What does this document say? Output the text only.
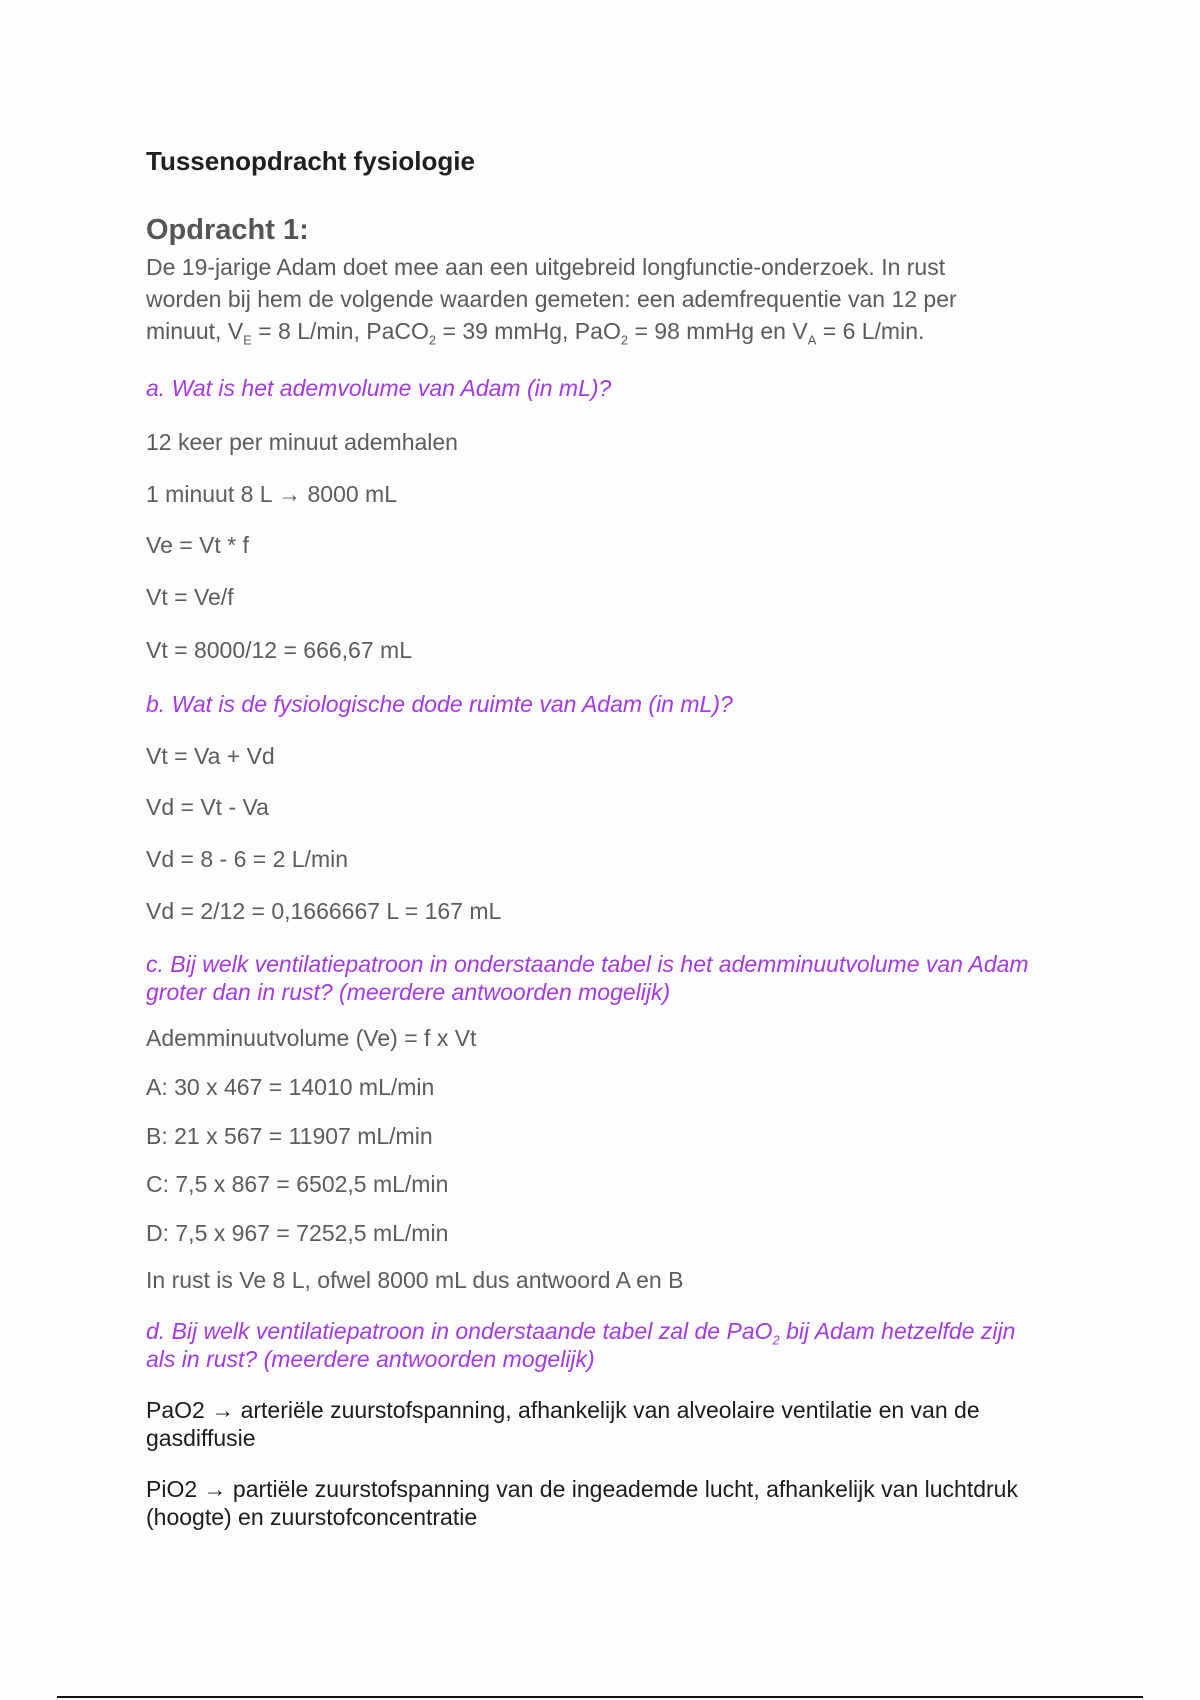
Tussenopdracht fysiologie
Opdracht 1:

De 19-jarige Adam doet mee aan een uitgebreid longfunctie-onderzoek. In rust worden bij hem de volgende waarden gemeten: een ademfrequentie van 12 per minuut, $V_E = 8$ L/min, PaCO$_2$ = 39 mmHg, PaO$_2$ = 98 mmHg en $V_A = 6$ L/min.

a. Wat is het ademvolume van Adam (in mL)?

12 keer per minuut ademhalen

1 minuut 8 L → 8000 mL

Ve = Vt * f

Vt = Ve/f

Vt = 8000/12 = 666,67 mL

b. Wat is de fysiologische dode ruimte van Adam (in mL)?

Vt = Va + Vd

Vd = Vt - Va

Vd = 8 - 6 = 2 L/min

Vd = 2/12 = 0,1666667 L = 167 mL

c. Bij welk ventilatiepatroon in onderstaande tabel is het ademminuutvolume van Adam groter dan in rust? (meerdere antwoorden mogelijk)

Ademminuutvolume (Ve) = f x Vt

A: 30 x 467 = 14010 mL/min

B: 21 x 567 = 11907 mL/min

C: 7,5 x 867 = 6502,5 mL/min

D: 7,5 x 967 = 7252,5 mL/min

In rust is Ve 8 L, ofwel 8000 mL dus antwoord A en B

d. Bij welk ventilatiepatroon in onderstaande tabel zal de PaO$_2$ bij Adam hetzelfde zijn als in rust? (meerdere antwoorden mogelijk)

PaO2 → arteriële zuurstofspanning, afhankelijk van alveolaire ventilatie en van de gasdiffusie

PiO2 → partiële zuurstofspanning van de ingeademde lucht, afhankelijk van luchtdruk (hoogte) en zuurstofconcentratie
